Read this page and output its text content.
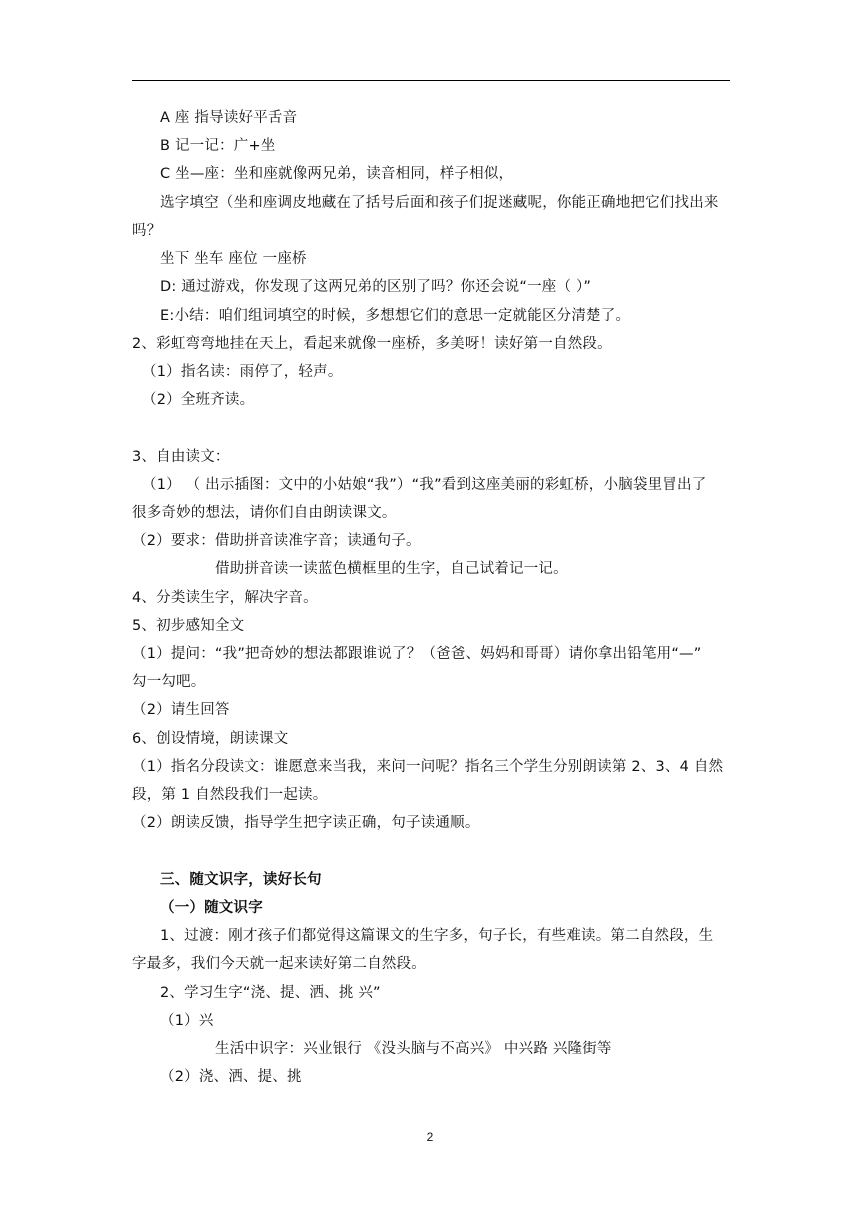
A 座 指导读好平舌音
B 记一记：广+坐
C 坐—座：坐和座就像两兄弟，读音相同，样子相似，
选字填空（坐和座调皮地藏在了括号后面和孩子们捉迷藏呢，你能正确地把它们找出来
吗？
坐下 坐车 座位 一座桥
D: 通过游戏，你发现了这两兄弟的区别了吗？你还会说“一座（ ）”
E:小结：咱们组词填空的时候，多想想它们的意思一定就能区分清楚了。
2、彩虹弯弯地挂在天上，看起来就像一座桥，多美呀！读好第一自然段。
（1）指名读：雨停了，轻声。
（2）全班齐读。
3、自由读文：
（1） （ 出示插图：文中的小姑娘“我”）“我”看到这座美丽的彩虹桥，小脑袋里冒出了
很多奇妙的想法，请你们自由朗读课文。
（2）要求：借助拼音读准字音；读通句子。
借助拼音读一读蓝色横框里的生字，自己试着记一记。
4、分类读生字，解决字音。
5、初步感知全文
（1）提问：“我”把奇妙的想法都跟谁说了？（爸爸、妈妈和哥哥）请你拿出铅笔用“—”
勾一勾吧。
（2）请生回答
6、创设情境，朗读课文
（1）指名分段读文：谁愿意来当我，来问一问呢？指名三个学生分别朗读第 2、3、4 自然
段，第 1 自然段我们一起读。
（2）朗读反馈，指导学生把字读正确，句子读通顺。
三、随文识字，读好长句
（一）随文识字
1、过渡：刚才孩子们都觉得这篇课文的生字多，句子长，有些难读。第二自然段，生
字最多，我们今天就一起来读好第二自然段。
2、学习生字“浇、提、洒、挑 兴”
（1）兴
生活中识字：兴业银行 《没头脑与不高兴》 中兴路 兴隆街等
（2）浇、洒、提、挑
2
